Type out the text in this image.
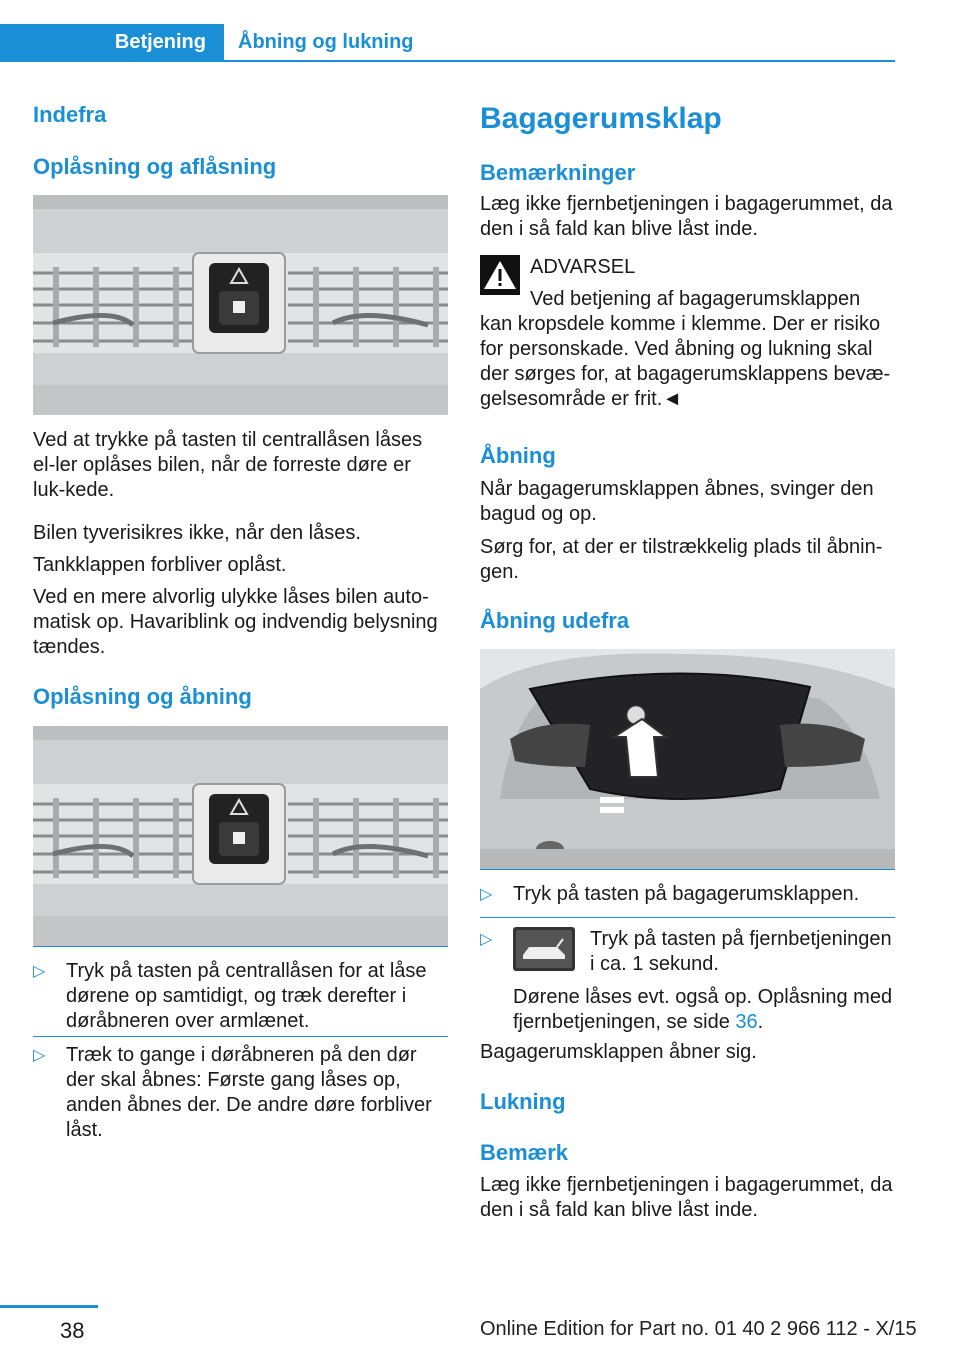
Betjening	Åbning og lukning
Indefra
Oplåsning og aflåsning

Ved at trykke på tasten til centrallåsen låses el-ler oplåses bilen, når de forreste døre er luk-kede.

Bilen tyverisikres ikke, når den låses.

Tankklappen forbliver oplåst.

Ved en mere alvorlig ulykke låses bilen auto-matisk op. Havariblink og indvendig belysning tændes.

Oplåsning og åbning
▷ Tryk på tasten på centrallåsen for at låse dørene op samtidigt, og træk derefter i døråbneren over armlænet.
▷ Træk to gange i døråbneren på den dør der skal åbnes: Første gang låses op, anden åbnes der. De andre døre forbliver låst.
Bagagerumsklap
Bemærkninger

Læg ikke fjernbetjeningen i bagagerummet, da den i så fald kan blive låst inde.

ADVARSEL

Ved betjening af bagagerumsklappen kan kropsdele komme i klemme. Der er risiko for personskade. Ved åbning og lukning skal der sørges for, at bagagerumsklappens bevæ-gelsesområde er frit.◄

Åbning

Når bagagerumsklappen åbnes, svinger den bagud og op.

Sørg for, at der er tilstrækkelig plads til åbnin-gen.

Åbning udefra
▷ Tryk på tasten på bagagerumsklappen.
▷	Tryk på tasten på fjernbetjeningen i ca. 1 sekund.
Dørene låses evt. også op. Oplåsning med fjernbetjeningen, se side 36.

Bagagerumsklappen åbner sig.

Lukning
Bemærk

Læg ikke fjernbetjeningen i bagagerummet, da den i så fald kan blive låst inde.

38	Online Edition for Part no. 01 40 2 966 112 - X/15
